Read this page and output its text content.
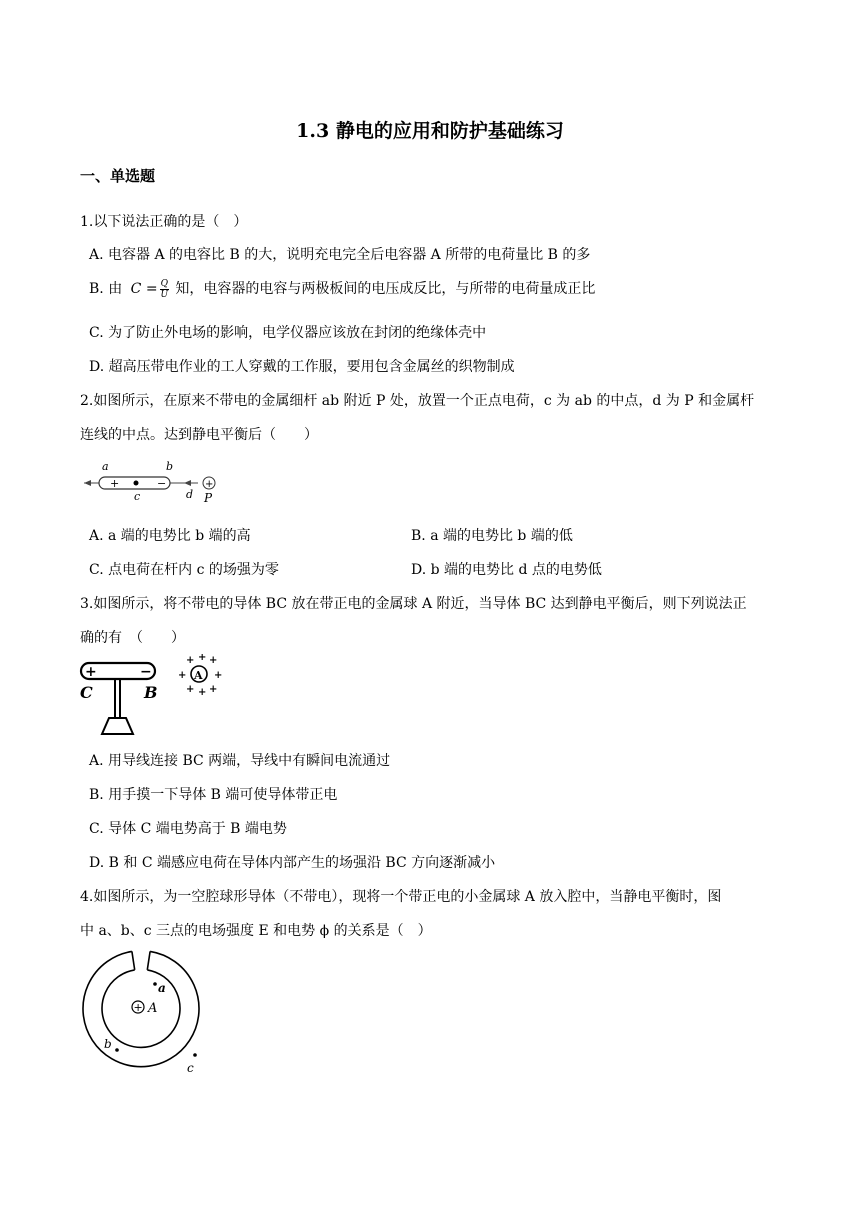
1.3 静电的应用和防护基础练习
一、单选题
1.以下说法正确的是（　）
A. 电容器 A 的电容比 B 的大，说明充电完全后电容器 A 所带的电荷量比 B 的多
B. 由 $C = \frac{Q}{U}$ 知，电容器的电容与两极板间的电压成反比，与所带的电荷量成正比
C. 为了防止外电场的影响，电学仪器应该放在封闭的绝缘体壳中
D. 超高压带电作业的工人穿戴的工作服，要用包含金属丝的织物制成
2.如图所示，在原来不带电的金属细杆 ab 附近 P 处，放置一个正点电荷，c 为 ab 的中点，d 为 P 和金属杆
连线的中点。达到静电平衡后（　　）
+	−	+
a	b
c	d P
A. a 端的电势比 b 端的高	B. a 端的电势比 b 端的低
C. 点电荷在杆内 c 的场强为零	D. b 端的电势比 d 点的电势低
3.如图所示，将不带电的导体 BC 放在带正电的金属球 A 附近，当导体 BC 达到静电平衡后，则下列说法正
确的有　（　　）
+	−
C	B
A
+ + +
+	+
+ + +
A. 用导线连接 BC 两端，导线中有瞬间电流通过
B. 用手摸一下导体 B 端可使导体带正电
C. 导体 C 端电势高于 B 端电势
D. B 和 C 端感应电荷在导体内部产生的场强沿 BC 方向逐渐减小
4.如图所示，为一空腔球形导体（不带电），现将一个带正电的小金属球 A 放入腔中，当静电平衡时，图
中 a、b、c 三点的电场强度 E 和电势 ϕ 的关系是（　）
+ A
a
b
c
